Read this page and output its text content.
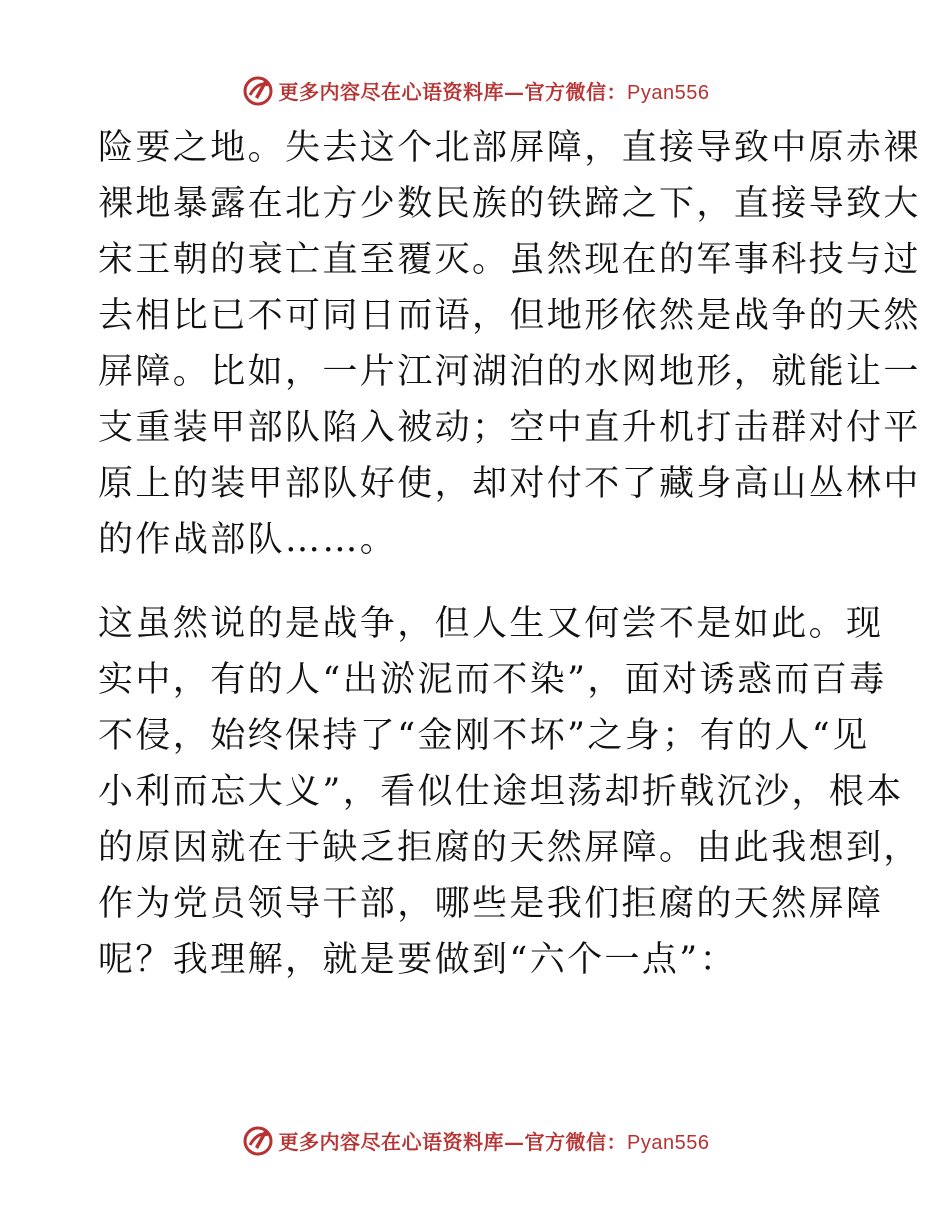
更多内容尽在心语资料库—官方微信：Pyan556
险要之地。失去这个北部屏障，直接导致中原赤裸
裸地暴露在北方少数民族的铁蹄之下，直接导致大
宋王朝的衰亡直至覆灭。虽然现在的军事科技与过
去相比已不可同日而语，但地形依然是战争的天然
屏障。比如，一片江河湖泊的水网地形，就能让一
支重装甲部队陷入被动；空中直升机打击群对付平
原上的装甲部队好使，却对付不了藏身高山丛林中
的作战部队……。
这虽然说的是战争，但人生又何尝不是如此。现
实中，有的人“出淤泥而不染”，面对诱惑而百毒
不侵，始终保持了“金刚不坏”之身；有的人“见
小利而忘大义”，看似仕途坦荡却折戟沉沙，根本
的原因就在于缺乏拒腐的天然屏障。由此我想到，
作为党员领导干部，哪些是我们拒腐的天然屏障
呢？我理解，就是要做到“六个一点”：
更多内容尽在心语资料库—官方微信：Pyan556
